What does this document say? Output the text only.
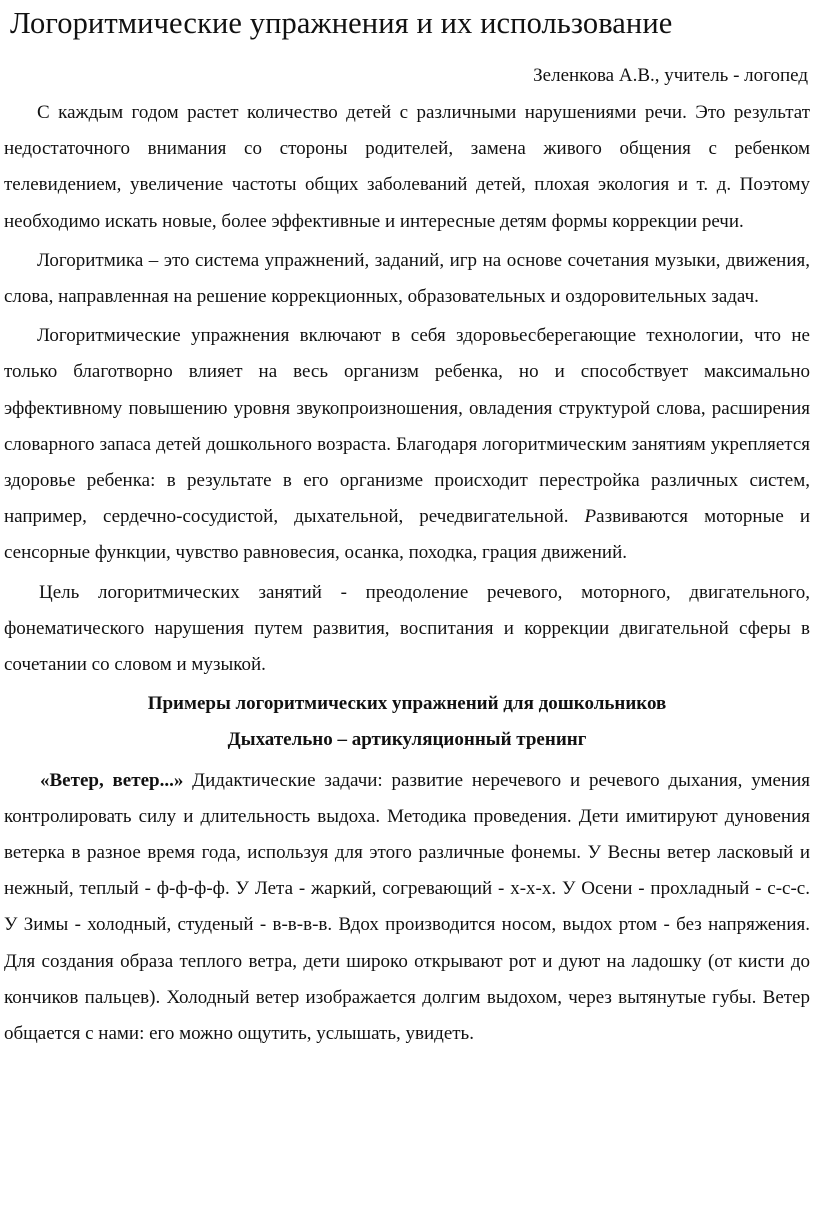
Логоритмические упражнения и их использование
Зеленкова А.В., учитель - логопед

С каждым годом растет количество детей с различными нарушениями речи. Это результат недостаточного внимания со стороны родителей, замена живого общения с ребенком телевидением, увеличение частоты общих заболеваний детей, плохая экология и т. д. Поэтому необходимо искать новые, более эффективные и интересные детям формы коррекции речи.

Логоритмика – это система упражнений, заданий, игр на основе сочетания музыки, движения, слова, направленная на решение коррекционных, образовательных и оздоровительных задач.

Логоритмические упражнения включают в себя здоровьесберегающие технологии, что не только благотворно влияет на весь организм ребенка, но и способствует максимально эффективному повышению уровня звукопроизношения, овладения структурой слова, расширения словарного запаса детей дошкольного возраста. Благодаря логоритмическим занятиям укрепляется здоровье ребенка: в результате в его организме происходит перестройка различных систем, например, сердечно-сосудистой, дыхательной, речедвигательной. Развиваются моторные и сенсорные функции, чувство равновесия, осанка, походка, грация движений.

Цель логоритмических занятий - преодоление речевого, моторного, двигательного, фонематического нарушения путем развития, воспитания и коррекции двигательной сферы в сочетании со словом и музыкой.

Примеры логоритмических упражнений для дошкольников
Дыхательно – артикуляционный тренинг

«Ветер, ветер...» Дидактические задачи: развитие неречевого и речевого дыхания, умения контролировать силу и длительность выдоха. Методика проведения. Дети имитируют дуновения ветерка в разное время года, используя для этого различные фонемы. У Весны ветер ласковый и нежный, теплый - ф-ф-ф-ф. У Лета - жаркий, согревающий - х-х-х. У Осени - прохладный - с-с-с. У Зимы - холодный, студеный - в-в-в-в. Вдох производится носом, выдох ртом - без напряжения. Для создания образа теплого ветра, дети широко открывают рот и дуют на ладошку (от кисти до кончиков пальцев). Холодный ветер изображается долгим выдохом, через вытянутые губы. Ветер общается с нами: его можно ощутить, услышать, увидеть.
